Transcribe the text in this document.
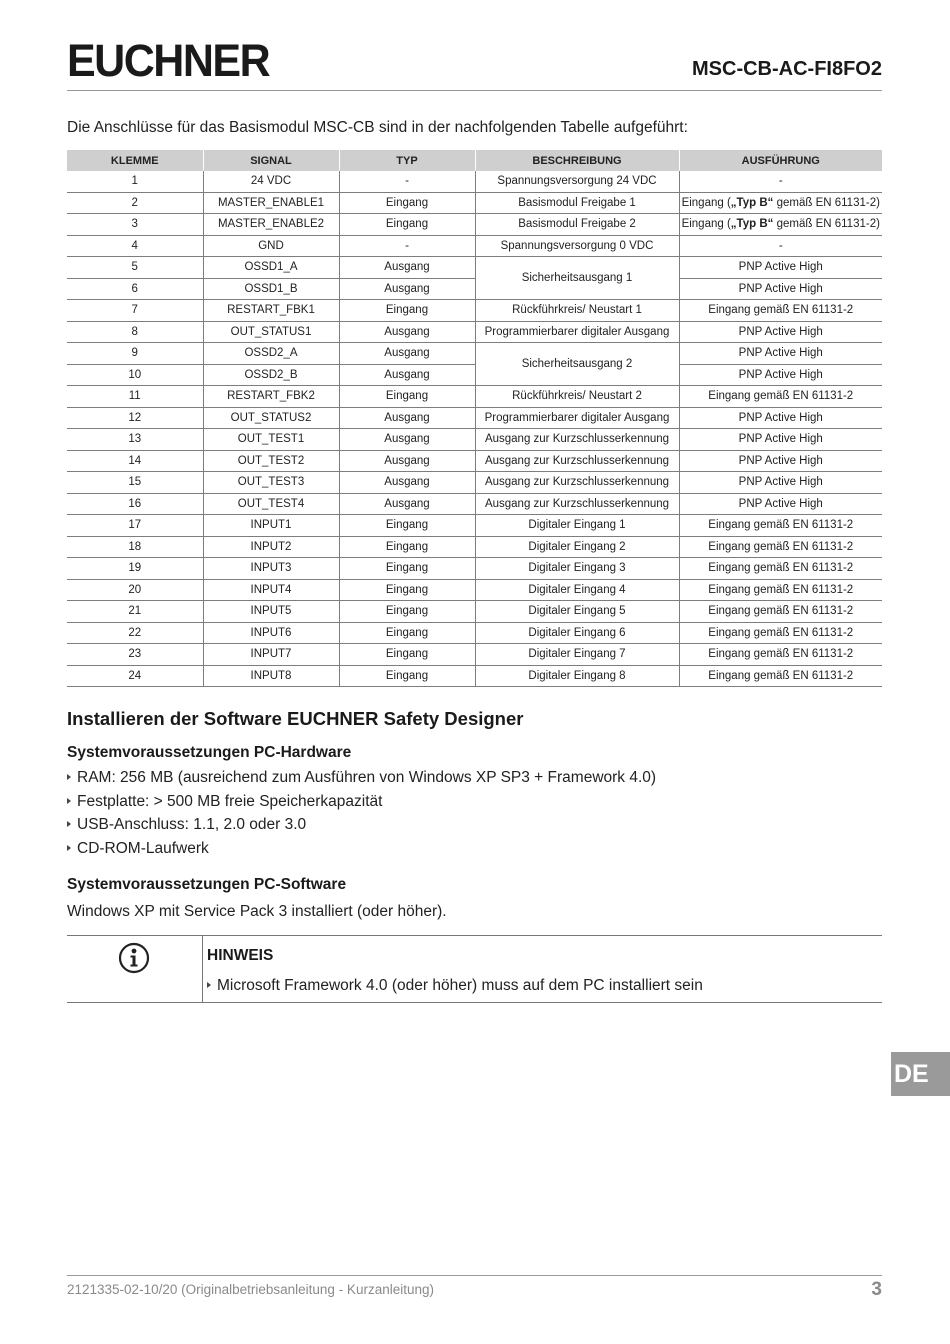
EUCHNER	MSC-CB-AC-FI8FO2
Die Anschlüsse für das Basismodul MSC-CB sind in der nachfolgenden Tabelle aufgeführt:
KLEMME	SIGNAL	TYP	BESCHREIBUNG	AUSFÜHRUNG
1	24 VDC	-	Spannungsversorgung 24 VDC	-
2	MASTER_ENABLE1	Eingang	Basismodul Freigabe 1	Eingang („Typ B“ gemäß EN 61131-2)
3	MASTER_ENABLE2	Eingang	Basismodul Freigabe 2	Eingang („Typ B“ gemäß EN 61131-2)
4	GND	-	Spannungsversorgung 0 VDC	-
5	OSSD1_A	Ausgang	Sicherheitsausgang 1	PNP Active High
6	OSSD1_B	Ausgang		PNP Active High
7	RESTART_FBK1	Eingang	Rückführkreis/ Neustart 1	Eingang gemäß EN 61131-2
8	OUT_STATUS1	Ausgang	Programmierbarer digitaler Ausgang	PNP Active High
9	OSSD2_A	Ausgang	Sicherheitsausgang 2	PNP Active High
10	OSSD2_B	Ausgang		PNP Active High
11	RESTART_FBK2	Eingang	Rückführkreis/ Neustart 2	Eingang gemäß EN 61131-2
12	OUT_STATUS2	Ausgang	Programmierbarer digitaler Ausgang	PNP Active High
13	OUT_TEST1	Ausgang	Ausgang zur Kurzschlusserkennung	PNP Active High
14	OUT_TEST2	Ausgang	Ausgang zur Kurzschlusserkennung	PNP Active High
15	OUT_TEST3	Ausgang	Ausgang zur Kurzschlusserkennung	PNP Active High
16	OUT_TEST4	Ausgang	Ausgang zur Kurzschlusserkennung	PNP Active High
17	INPUT1	Eingang	Digitaler Eingang 1	Eingang gemäß EN 61131-2
18	INPUT2	Eingang	Digitaler Eingang 2	Eingang gemäß EN 61131-2
19	INPUT3	Eingang	Digitaler Eingang 3	Eingang gemäß EN 61131-2
20	INPUT4	Eingang	Digitaler Eingang 4	Eingang gemäß EN 61131-2
21	INPUT5	Eingang	Digitaler Eingang 5	Eingang gemäß EN 61131-2
22	INPUT6	Eingang	Digitaler Eingang 6	Eingang gemäß EN 61131-2
23	INPUT7	Eingang	Digitaler Eingang 7	Eingang gemäß EN 61131-2
24	INPUT8	Eingang	Digitaler Eingang 8	Eingang gemäß EN 61131-2
Installieren der Software EUCHNER Safety Designer
Systemvoraussetzungen PC-Hardware
RAM: 256 MB (ausreichend zum Ausführen von Windows XP SP3 + Framework 4.0)
Festplatte: > 500 MB freie Speicherkapazität
USB-Anschluss: 1.1, 2.0 oder 3.0
CD-ROM-Laufwerk
Systemvoraussetzungen PC-Software
Windows XP mit Service Pack 3 installiert (oder höher).
HINWEIS
Microsoft Framework 4.0 (oder höher) muss auf dem PC installiert sein
DE
2121335-02-10/20 (Originalbetriebsanleitung - Kurzanleitung)	3
